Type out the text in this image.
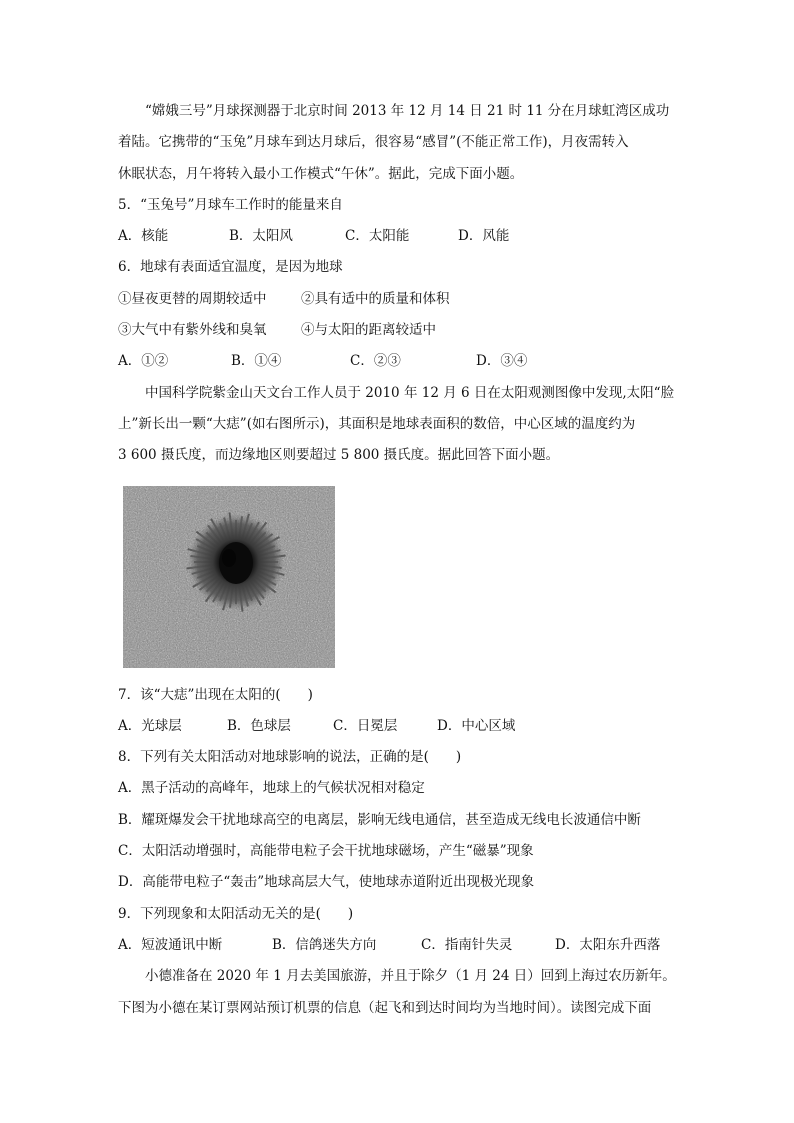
“嫦娥三号”月球探测器于北京时间 2013 年 12 月 14 日 21 时 11 分在月球虹湾区成功

着陆。它携带的“玉兔”月球车到达月球后，很容易“感冒”(不能正常工作)，月夜需转入

休眠状态，月午将转入最小工作模式“午休”。据此，完成下面小题。

5．“玉兔号”月球车工作时的能量来自

A．核能	B．太阳风	C．太阳能	D．风能

6．地球有表面适宜温度，是因为地球

①昼夜更替的周期较适中	②具有适中的质量和体积
③大气中有紫外线和臭氧	④与太阳的距离较适中
A．①②	B．①④	C．②③	D．③④

中国科学院紫金山天文台工作人员于 2010 年 12 月 6 日在太阳观测图像中发现,太阳“脸

上”新长出一颗“大痣”(如右图所示)，其面积是地球表面积的数倍，中心区域的温度约为

3 600 摄氏度，而边缘地区则要超过 5 800 摄氏度。据此回答下面小题。

7．该“大痣”出现在太阳的(　　)

A．光球层	B．色球层	C．日冕层	D．中心区域

8．下列有关太阳活动对地球影响的说法，正确的是(　　)

A．黑子活动的高峰年，地球上的气候状况相对稳定

B．耀斑爆发会干扰地球高空的电离层，影响无线电通信，甚至造成无线电长波通信中断

C．太阳活动增强时，高能带电粒子会干扰地球磁场，产生“磁暴”现象

D．高能带电粒子“轰击”地球高层大气，使地球赤道附近出现极光现象

9．下列现象和太阳活动无关的是(　　)

A．短波通讯中断	B．信鸽迷失方向	C．指南针失灵	D．太阳东升西落

小德准备在 2020 年 1 月去美国旅游，并且于除夕（1 月 24 日）回到上海过农历新年。

下图为小德在某订票网站预订机票的信息（起飞和到达时间均为当地时间）。读图完成下面
